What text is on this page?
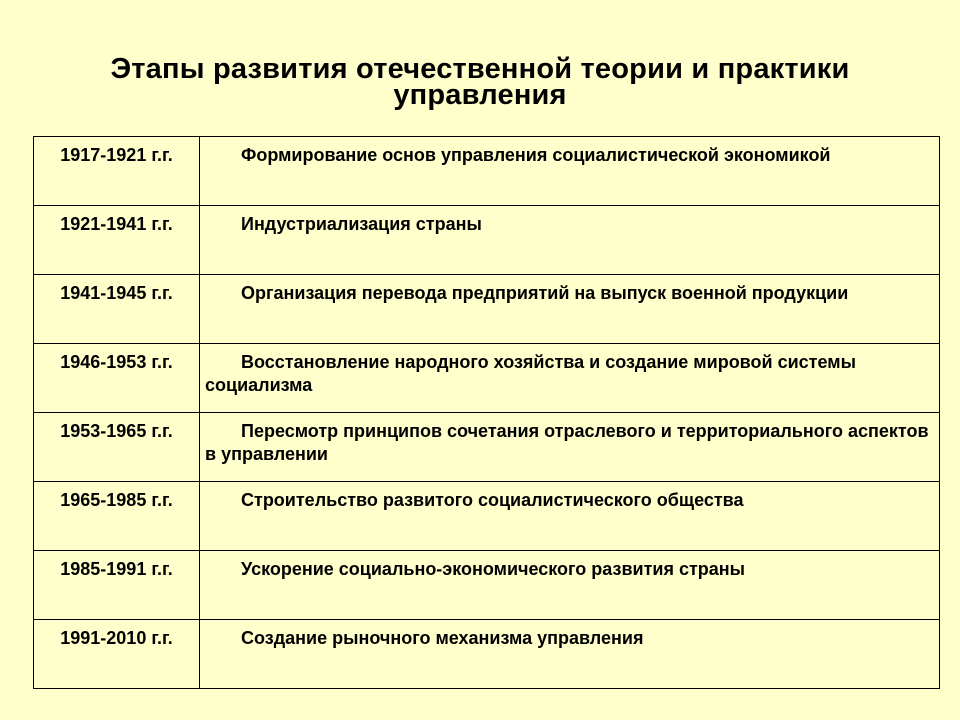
Этапы развития отечественной теории и практики
управления
1917-1921 г.г.	Формирование основ управления социалистической экономикой
1921-1941 г.г.	Индустриализация страны
1941-1945 г.г.	Организация перевода предприятий на выпуск военной продукции
1946-1953 г.г.	Восстановление народного хозяйства и создание мировой системы социализма
1953-1965 г.г.	Пересмотр принципов сочетания отраслевого и территориального аспектов в управлении
1965-1985 г.г.	Строительство развитого социалистического общества
1985-1991 г.г.	Ускорение социально-экономического развития страны
1991-2010 г.г.	Создание рыночного механизма управления
